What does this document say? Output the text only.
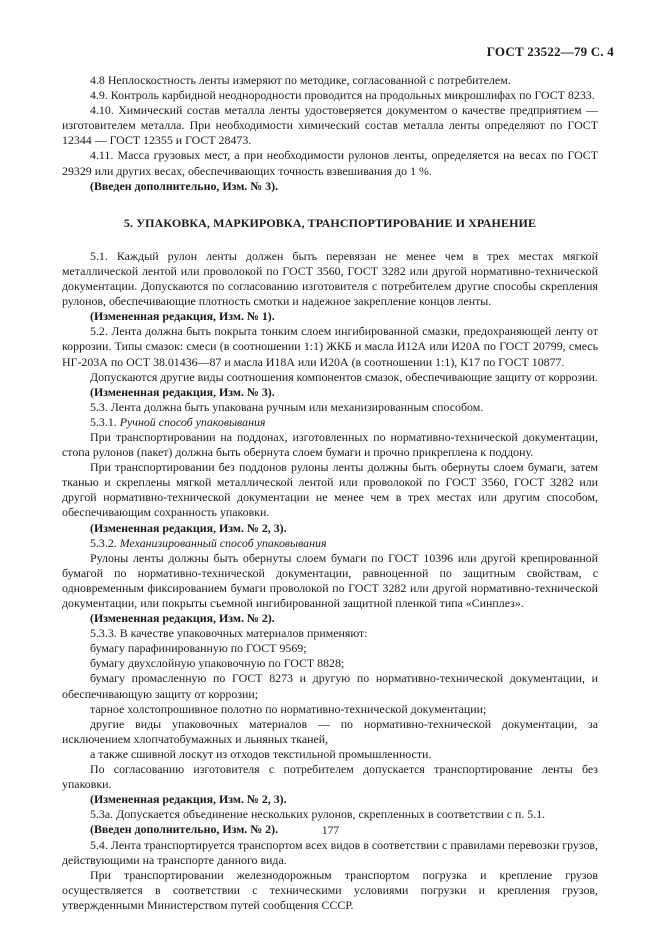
ГОСТ 23522—79 С. 4

4.8 Неплоскостность ленты измеряют по методике, согласованной с потребителем.

4.9. Контроль карбидной неоднородности проводится на продольных микрошлифах по ГОСТ 8233.

4.10. Химический состав металла ленты удостоверяется документом о качестве предприятием — изготовителем металла. При необходимости химический состав металла ленты определяют по ГОСТ 12344 — ГОСТ 12355 и ГОСТ 28473.

4.11. Масса грузовых мест, а при необходимости рулонов ленты, определяется на весах по ГОСТ 29329 или других весах, обеспечивающих точность взвешивания до 1 %.

(Введен дополнительно, Изм. № 3).

5. УПАКОВКА, МАРКИРОВКА, ТРАНСПОРТИРОВАНИЕ И ХРАНЕНИЕ

5.1. Каждый рулон ленты должен быть перевязан не менее чем в трех местах мягкой металлической лентой или проволокой по ГОСТ 3560, ГОСТ 3282 или другой нормативно-технической документации. Допускаются по согласованию изготовителя с потребителем другие способы скрепления рулонов, обеспечивающие плотность смотки и надежное закрепление концов ленты.

(Измененная редакция, Изм. № 1).

5.2. Лента должна быть покрыта тонким слоем ингибированной смазки, предохраняющей ленту от коррозии. Типы смазок: смеси (в соотношении 1:1) ЖКБ и масла И12А или И20А по ГОСТ 20799, смесь НГ-203А по ОСТ 38.01436—87 и масла И18А или И20А (в соотношении 1:1), К17 по ГОСТ 10877.

Допускаются другие виды соотношения компонентов смазок, обеспечивающие защиту от коррозии.

(Измененная редакция, Изм. № 3).

5.3. Лента должна быть упакована ручным или механизированным способом.

5.3.1. Ручной способ упаковывания

При транспортировании на поддонах, изготовленных по нормативно-технической документации, стопа рулонов (пакет) должна быть обернута слоем бумаги и прочно прикреплена к поддону.

При транспортировании без поддонов рулоны ленты должны быть обернуты слоем бумаги, затем тканью и скреплены мягкой металлической лентой или проволокой по ГОСТ 3560, ГОСТ 3282 или другой нормативно-технической документации не менее чем в трех местах или другим способом, обеспечивающим сохранность упаковки.

(Измененная редакция, Изм. № 2, 3).

5.3.2. Механизированный способ упаковывания

Рулоны ленты должны быть обернуты слоем бумаги по ГОСТ 10396 или другой крепированной бумагой по нормативно-технической документации, равноценной по защитным свойствам, с одновременным фиксированием бумаги проволокой по ГОСТ 3282 или другой нормативно-технической документации, или покрыты съемной ингибированной защитной пленкой типа «Синплез».

(Измененная редакция, Изм. № 2).

5.3.3. В качестве упаковочных материалов применяют:

бумагу парафинированную по ГОСТ 9569;

бумагу двухслойную упаковочную по ГОСТ 8828;

бумагу промасленную по ГОСТ 8273 и другую по нормативно-технической документации, и обеспечивающую защиту от коррозии;

тарное холстопрошивное полотно по нормативно-технической документации;

другие виды упаковочных материалов — по нормативно-технической документации, за исключением хлопчатобумажных и льняных тканей,

а также сшивной лоскут из отходов текстильной промышленности.

По согласованию изготовителя с потребителем допускается транспортирование ленты без упаковки.

(Измененная редакция, Изм. № 2, 3).

5.3а. Допускается объединение нескольких рулонов, скрепленных в соответствии с п. 5.1.

(Введен дополнительно, Изм. № 2).

5.4. Лента транспортируется транспортом всех видов в соответствии с правилами перевозки грузов, действующими на транспорте данного вида.

При транспортировании железнодорожным транспортом погрузка и крепление грузов осуществляется в соответствии с техническими условиями погрузки и крепления грузов, утвержденными Министерством путей сообщения СССР.

177
